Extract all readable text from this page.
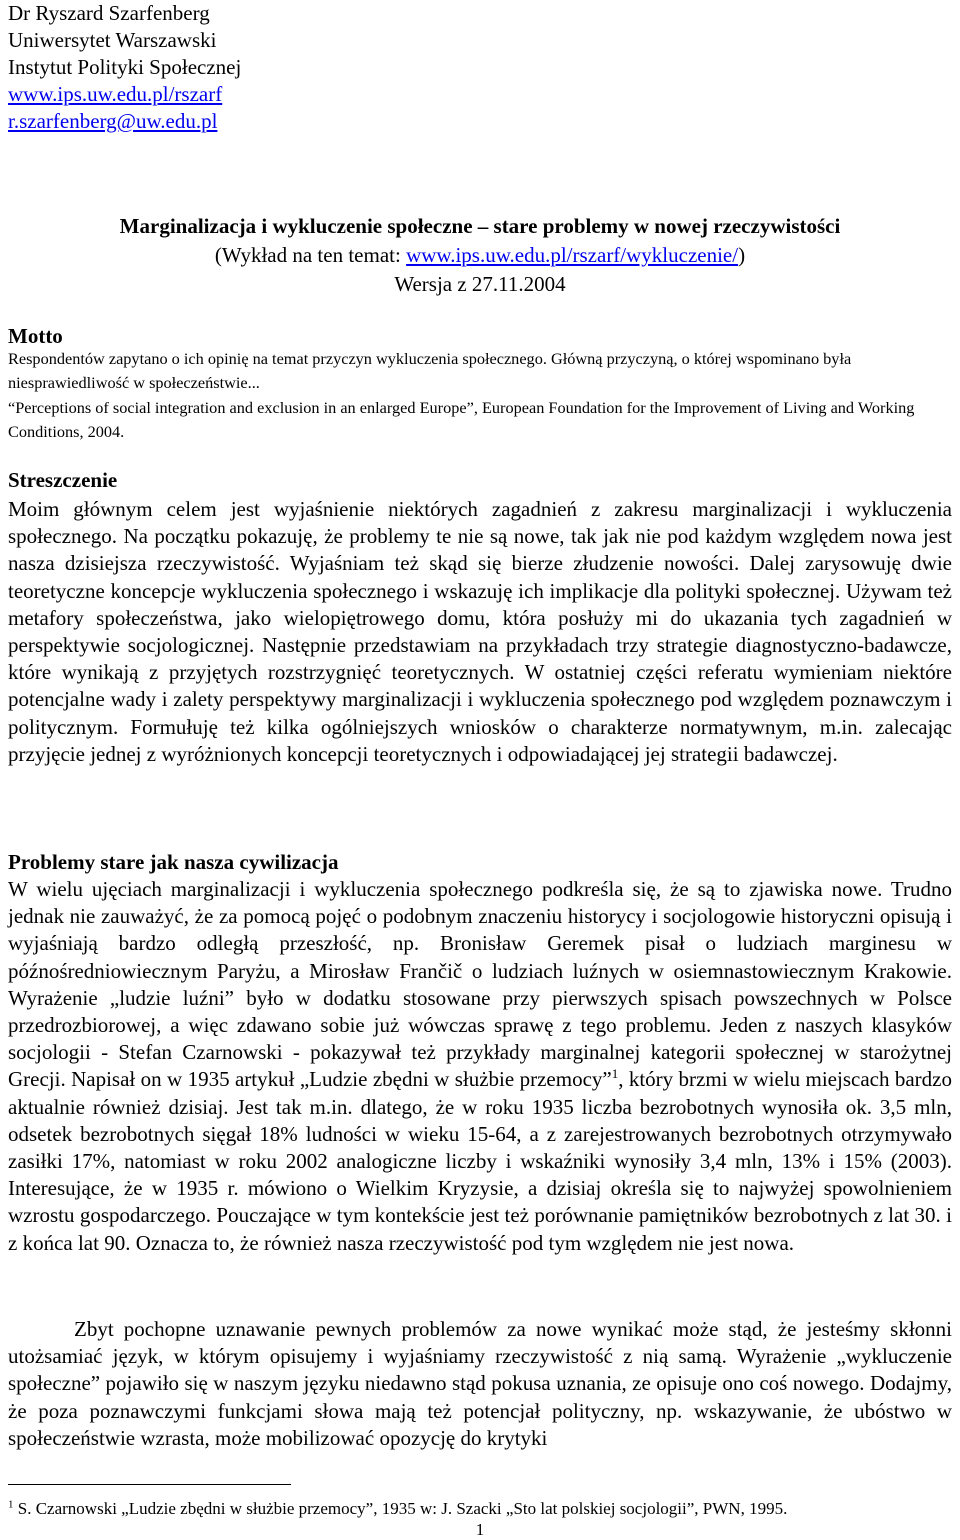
Dr Ryszard Szarfenberg
Uniwersytet Warszawski
Instytut Polityki Społecznej
www.ips.uw.edu.pl/rszarf
r.szarfenberg@uw.edu.pl
Marginalizacja i wykluczenie społeczne – stare problemy w nowej rzeczywistości
(Wykład na ten temat: www.ips.uw.edu.pl/rszarf/wykluczenie/)
Wersja z 27.11.2004
Motto
Respondentów zapytano o ich opinię na temat przyczyn wykluczenia społecznego. Główną przyczyną, o której wspominano była niesprawiedliwość w społeczeństwie...
“Perceptions of social integration and exclusion in an enlarged Europe”, European Foundation for the Improvement of Living and Working Conditions, 2004.
Streszczenie
Moim głównym celem jest wyjaśnienie niektórych zagadnień z zakresu marginalizacji i wykluczenia społecznego. Na początku pokazuję, że problemy te nie są nowe, tak jak nie pod każdym względem nowa jest nasza dzisiejsza rzeczywistość. Wyjaśniam też skąd się bierze złudzenie nowości. Dalej zarysowuję dwie teoretyczne koncepcje wykluczenia społecznego i wskazuję ich implikacje dla polityki społecznej. Używam też metafory społeczeństwa, jako wielopiętrowego domu, która posłuży mi do ukazania tych zagadnień w perspektywie socjologicznej. Następnie przedstawiam na przykładach trzy strategie diagnostyczno-badawcze, które wynikają z przyjętych rozstrzygnięć teoretycznych. W ostatniej części referatu wymieniam niektóre potencjalne wady i zalety perspektywy marginalizacji i wykluczenia społecznego pod względem poznawczym i politycznym. Formułuję też kilka ogólniejszych wniosków o charakterze normatywnym, m.in. zalecając przyjęcie jednej z wyróżnionych koncepcji teoretycznych i odpowiadającej jej strategii badawczej.
Problemy stare jak nasza cywilizacja
W wielu ujęciach marginalizacji i wykluczenia społecznego podkreśla się, że są to zjawiska nowe. Trudno jednak nie zauważyć, że za pomocą pojęć o podobnym znaczeniu historycy i socjologowie historyczni opisują i wyjaśniają bardzo odległą przeszłość, np. Bronisław Geremek pisał o ludziach marginesu w późnośredniowiecznym Paryżu, a Mirosław Frančič o ludziach luźnych w osiemnastowiecznym Krakowie. Wyrażenie „ludzie luźni” było w dodatku stosowane przy pierwszych spisach powszechnych w Polsce przedrozbiorowej, a więc zdawano sobie już wówczas sprawę z tego problemu. Jeden z naszych klasyków socjologii - Stefan Czarnowski - pokazywał też przykłady marginalnej kategorii społecznej w starożytnej Grecji. Napisał on w 1935 artykuł „Ludzie zbędni w służbie przemocy”$^1$, który brzmi w wielu miejscach bardzo aktualnie również dzisiaj. Jest tak m.in. dlatego, że w roku 1935 liczba bezrobotnych wynosiła ok. 3,5 mln, odsetek bezrobotnych sięgał 18% ludności w wieku 15-64, a z zarejestrowanych bezrobotnych otrzymywało zasiłki 17%, natomiast w roku 2002 analogiczne liczby i wskaźniki wynosiły 3,4 mln, 13% i 15% (2003). Interesujące, że w 1935 r. mówiono o Wielkim Kryzysie, a dzisiaj określa się to najwyżej spowolnieniem wzrostu gospodarczego. Pouczające w tym kontekście jest też porównanie pamiętników bezrobotnych z lat 30. i z końca lat 90. Oznacza to, że również nasza rzeczywistość pod tym względem nie jest nowa.
Zbyt pochopne uznawanie pewnych problemów za nowe wynikać może stąd, że jesteśmy skłonni utożsamiać język, w którym opisujemy i wyjaśniamy rzeczywistość z nią samą. Wyrażenie „wykluczenie społeczne” pojawiło się w naszym języku niedawno stąd pokusa uznania, ze opisuje ono coś nowego. Dodajmy, że poza poznawczymi funkcjami słowa mają też potencjał polityczny, np. wskazywanie, że ubóstwo w społeczeństwie wzrasta, może mobilizować opozycję do krytyki
$^1$ S. Czarnowski „Ludzie zbędni w służbie przemocy”, 1935 w: J. Szacki „Sto lat polskiej socjologii”, PWN, 1995.
1
